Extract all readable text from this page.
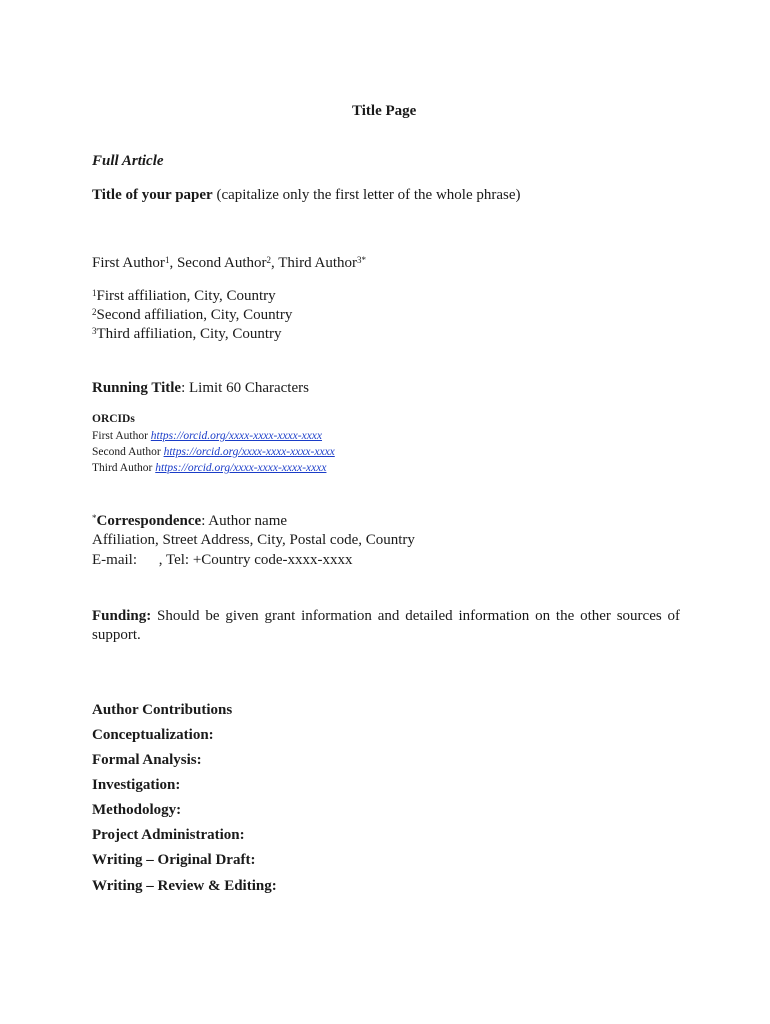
Title Page
Full Article
Title of your paper (capitalize only the first letter of the whole phrase)
First Author$^1$, Second Author$^2$, Third Author$^{3*}$
$^1$First affiliation, City, Country
$^2$Second affiliation, City, Country
$^3$Third affiliation, City, Country
Running Title: Limit 60 Characters
ORCIDs
First Author https://orcid.org/xxxx-xxxx-xxxx-xxxx
Second Author https://orcid.org/xxxx-xxxx-xxxx-xxxx
Third Author https://orcid.org/xxxx-xxxx-xxxx-xxxx
*Correspondence: Author name
Affiliation, Street Address, City, Postal code, Country
E-mail: , Tel: +Country code-xxxx-xxxx
Funding: Should be given grant information and detailed information on the other sources of support.
Author Contributions
Conceptualization:
Formal Analysis:
Investigation:
Methodology:
Project Administration:
Writing – Original Draft:
Writing – Review & Editing:
